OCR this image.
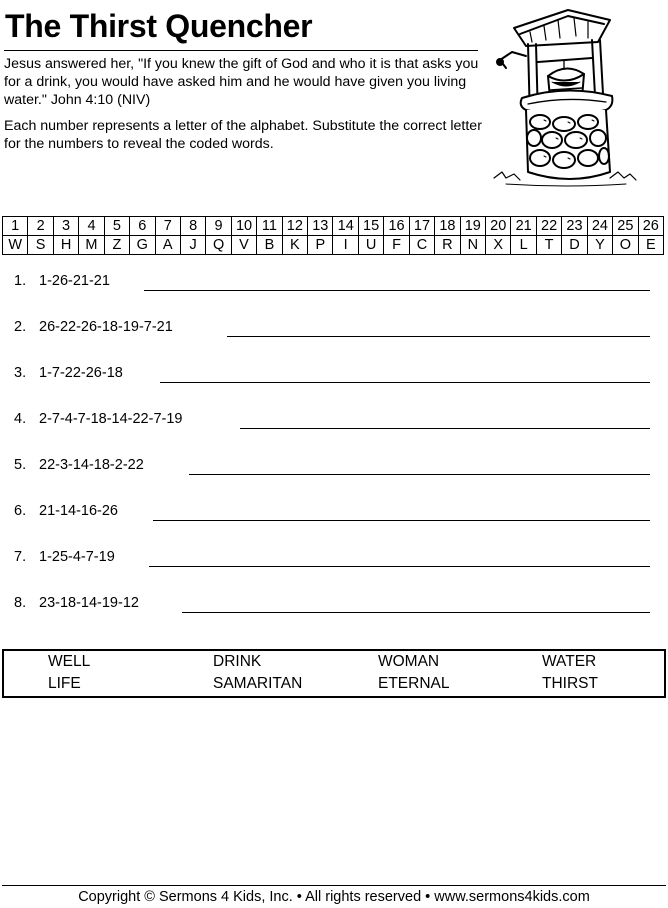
The Thirst Quencher
Jesus answered her, "If you knew the gift of God and who it is that asks you for a drink, you would have asked him and he would have given you living water." John 4:10 (NIV)
Each number represents a letter of the alphabet. Substitute the correct letter for the numbers to reveal the coded words.
1	2	3	4	5	6	7	8	9	10	11	12	13	14	15	16	17	18	19	20	21	22	23	24	25	26
W	S	H	M	Z	G	A	J	Q	V	B	K	P	I	U	F	C	R	N	X	L	T	D	Y	O	E
1. 1-26-21-21
2. 26-22-26-18-19-7-21
3. 1-7-22-26-18
4. 2-7-4-7-18-14-22-7-19
5. 22-3-14-18-2-22
6. 21-14-16-26
7. 1-25-4-7-19
8. 23-18-14-19-12
WELL	DRINK	WOMAN	WATER
LIFE	SAMARITAN	ETERNAL	THIRST
Copyright © Sermons 4 Kids, Inc. • All rights reserved • www.sermons4kids.com
